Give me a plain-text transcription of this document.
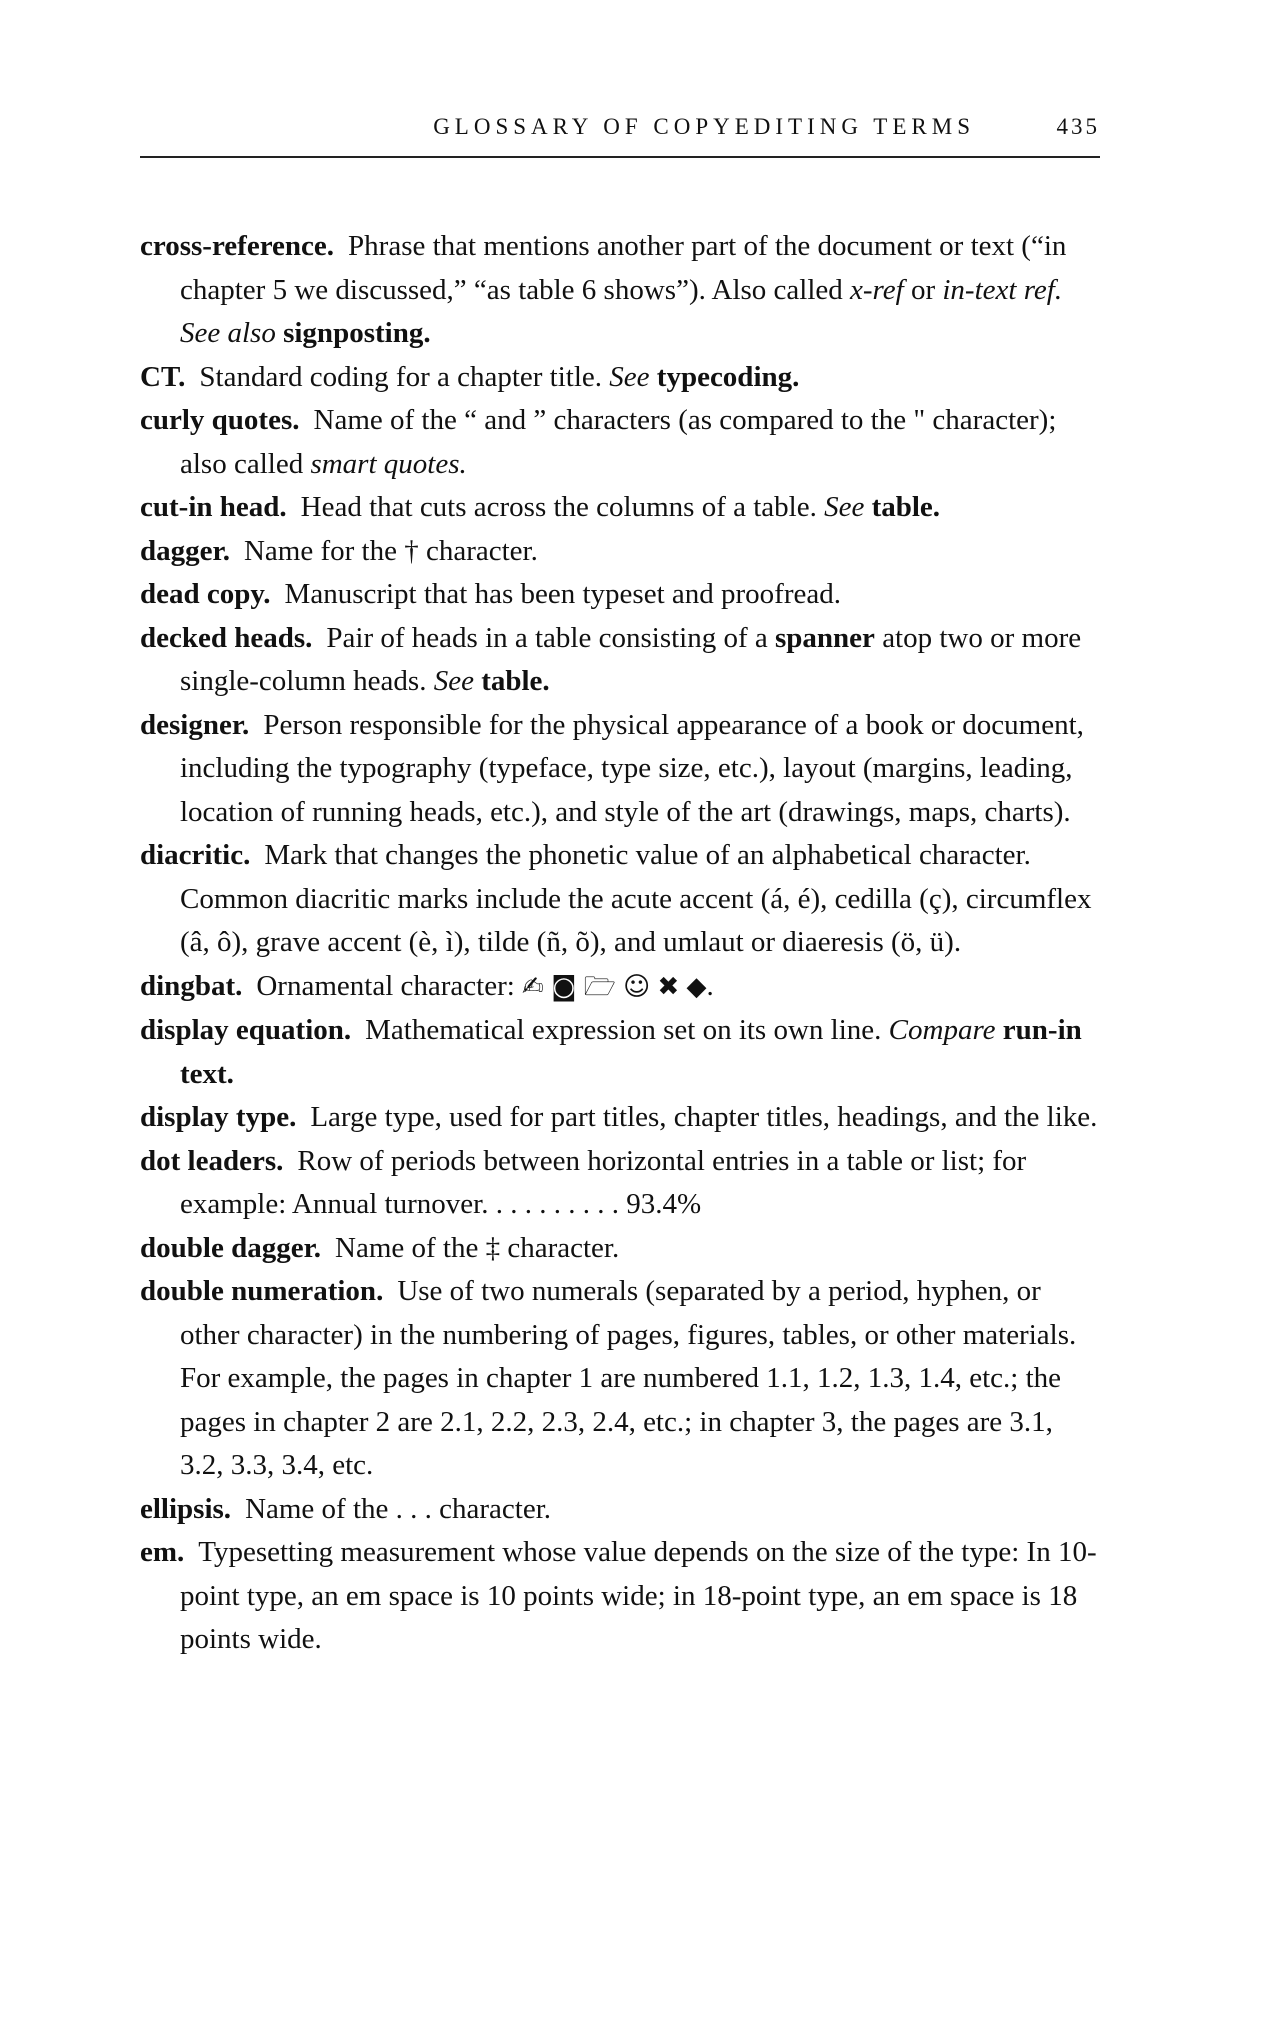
GLOSSARY OF COPYEDITING TERMS	435

cross-reference. Phrase that mentions another part of the document or text (“in chapter 5 we discussed,” “as table 6 shows”). Also called x-ref or in-text ref. See also signposting.

CT. Standard coding for a chapter title. See typecoding.

curly quotes. Name of the “ and ” characters (as compared to the " character); also called smart quotes.

cut-in head. Head that cuts across the columns of a table. See table.

dagger. Name for the † character.

dead copy. Manuscript that has been typeset and proofread.

decked heads. Pair of heads in a table consisting of a spanner atop two or more single-column heads. See table.

designer. Person responsible for the physical appearance of a book or document, including the typography (typeface, type size, etc.), layout (margins, leading, location of running heads, etc.), and style of the art (drawings, maps, charts).

diacritic. Mark that changes the phonetic value of an alphabetical character. Common diacritic marks include the acute accent (á, é), cedilla (ç), circumflex (â, ô), grave accent (è, ì), tilde (ñ, õ), and umlaut or diaeresis (ö, ü).

dingbat. Ornamental character: ✍ ◙ 🗁 ☺ ✖ ◆.

display equation. Mathematical expression set on its own line. Compare run-in text.

display type. Large type, used for part titles, chapter titles, headings, and the like.

dot leaders. Row of periods between horizontal entries in a table or list; for example: Annual turnover. . . . . . . . . . 93.4%

double dagger. Name of the ‡ character.

double numeration. Use of two numerals (separated by a period, hyphen, or other character) in the numbering of pages, figures, tables, or other materials. For example, the pages in chapter 1 are numbered 1.1, 1.2, 1.3, 1.4, etc.; the pages in chapter 2 are 2.1, 2.2, 2.3, 2.4, etc.; in chapter 3, the pages are 3.1, 3.2, 3.3, 3.4, etc.

ellipsis. Name of the . . . character.

em. Typesetting measurement whose value depends on the size of the type: In 10-point type, an em space is 10 points wide; in 18-point type, an em space is 18 points wide.
